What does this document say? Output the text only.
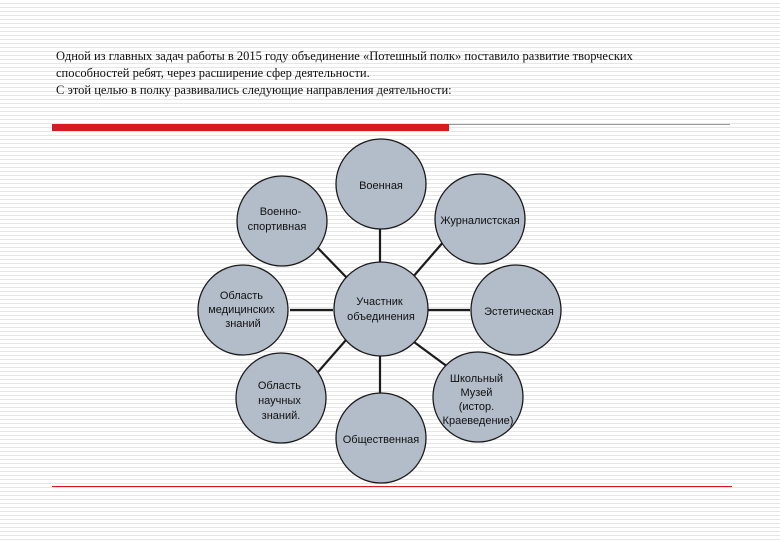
Одной из главных задач работы в 2015 году объединение «Потешный полк» поставило развитие творческих

способностей ребят, через расширение сфер деятельности.

С этой целью в полку развивались следующие направления деятельности:

Военная
Журналистская
Эстетическая
Школьный Музей (истор. Краеведение)
Общественная
Область научных знаний.
Область медицинских знаний
Военно- спортивная
Участник объединения
